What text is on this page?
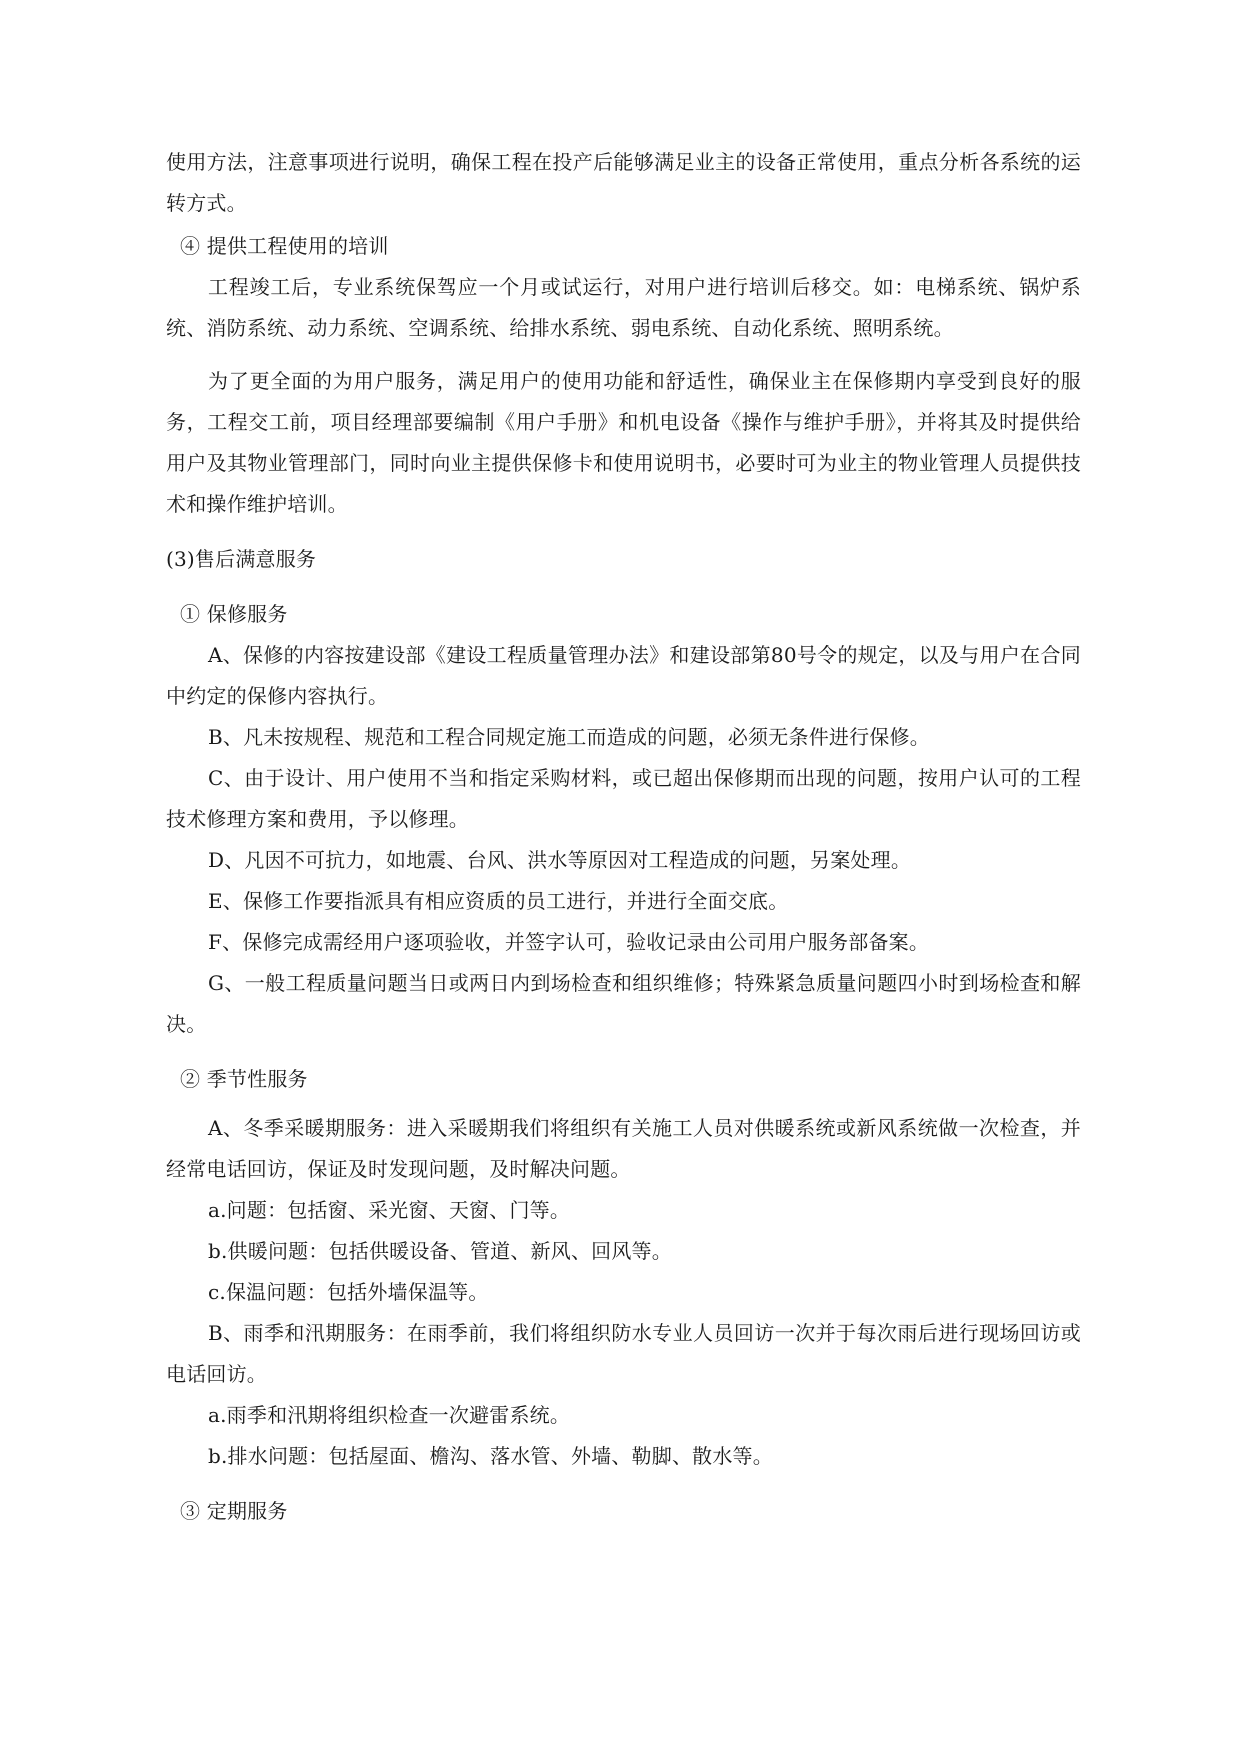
使用方法，注意事项进行说明，确保工程在投产后能够满足业主的设备正常使用，重点分析各系统的运转方式。

④ 提供工程使用的培训

工程竣工后，专业系统保驾应一个月或试运行，对用户进行培训后移交。如：电梯系统、锅炉系统、消防系统、动力系统、空调系统、给排水系统、弱电系统、自动化系统、照明系统。

为了更全面的为用户服务，满足用户的使用功能和舒适性，确保业主在保修期内享受到良好的服务，工程交工前，项目经理部要编制《用户手册》和机电设备《操作与维护手册》，并将其及时提供给用户及其物业管理部门，同时向业主提供保修卡和使用说明书，必要时可为业主的物业管理人员提供技术和操作维护培训。

(3)售后满意服务

① 保修服务

A、保修的内容按建设部《建设工程质量管理办法》和建设部第80号令的规定，以及与用户在合同中约定的保修内容执行。

B、凡未按规程、规范和工程合同规定施工而造成的问题，必须无条件进行保修。

C、由于设计、用户使用不当和指定采购材料，或已超出保修期而出现的问题，按用户认可的工程技术修理方案和费用，予以修理。

D、凡因不可抗力，如地震、台风、洪水等原因对工程造成的问题，另案处理。

E、保修工作要指派具有相应资质的员工进行，并进行全面交底。

F、保修完成需经用户逐项验收，并签字认可，验收记录由公司用户服务部备案。

G、一般工程质量问题当日或两日内到场检查和组织维修；特殊紧急质量问题四小时到场检查和解决。

② 季节性服务

A、冬季采暖期服务：进入采暖期我们将组织有关施工人员对供暖系统或新风系统做一次检查，并经常电话回访，保证及时发现问题，及时解决问题。

a.问题：包括窗、采光窗、天窗、门等。

b.供暖问题：包括供暖设备、管道、新风、回风等。

c.保温问题：包括外墙保温等。

B、雨季和汛期服务：在雨季前，我们将组织防水专业人员回访一次并于每次雨后进行现场回访或电话回访。

a.雨季和汛期将组织检查一次避雷系统。

b.排水问题：包括屋面、檐沟、落水管、外墙、勒脚、散水等。

③ 定期服务
